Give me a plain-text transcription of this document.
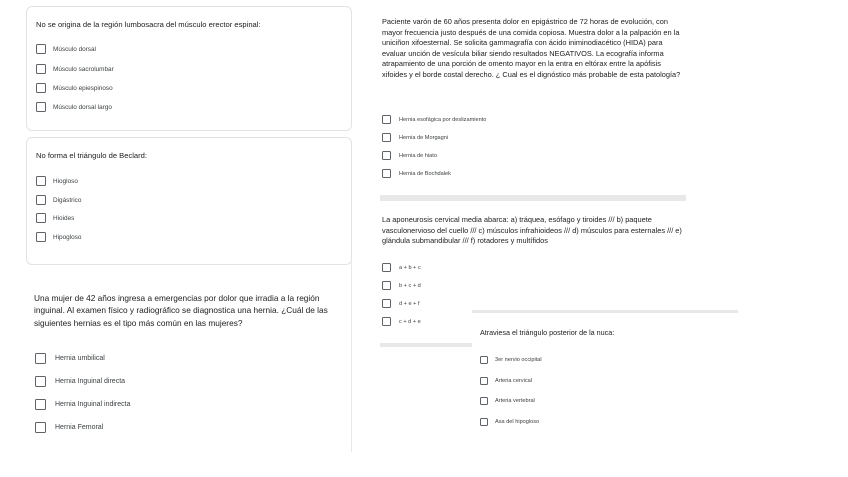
No se origina de la región lumbosacra del músculo erector espinal:

Músculo dorsal
Músculo sacrolumbar
Músculo epiespinoso
Músculo dorsal largo

No forma el triángulo de Beclard:

Hiogloso
Digástrico
Hioides
Hipogloso

Una mujer de 42 años ingresa a emergencias por dolor que irradia a la región inguinal. Al examen físico y radiográfico se diagnostica una hernia. ¿Cuál de las siguientes hernias es el tipo más común en las mujeres?

Hernia umbilical
Hernia Inguinal directa
Hernia Inguinal indirecta
Hernia Femoral

Paciente varón de 60 años presenta dolor en epigástrico de 72 horas de evolución, con mayor frecuencia justo después de una comida copiosa. Muestra dolor a la palpación en la uniciñon xifoesternal. Se solicita gammagrafía con ácido iniminodiacético (HIDA) para evaluar unción de vesícula biliar siendo resultados NEGATIVOS. La ecografía informa atrapamiento de una porción de omento mayor en la entra en eltórax entre la apófisis xifoides y el borde costal derecho. ¿ Cual es el dignóstico más probable de esta patología?

Hernia esofágica por deslizamiento
Hernia de Morgagni
Hernia de hiato
Hernia de Bochdalek

La aponeurosis cervical media abarca: a) tráquea, esófago y tiroides /// b) paquete vasculonervioso del cuello /// c) músculos infrahioideos /// d) músculos para esternales /// e) glándula submandibular /// f) rotadores y multífidos

a + b + c
b + c + d
d + e + f
c + d + e

Atraviesa el triángulo posterior de la nuca:

3er nervio occipital
Arteria cervical
Arteria vertebral
Asa del hipogloso
